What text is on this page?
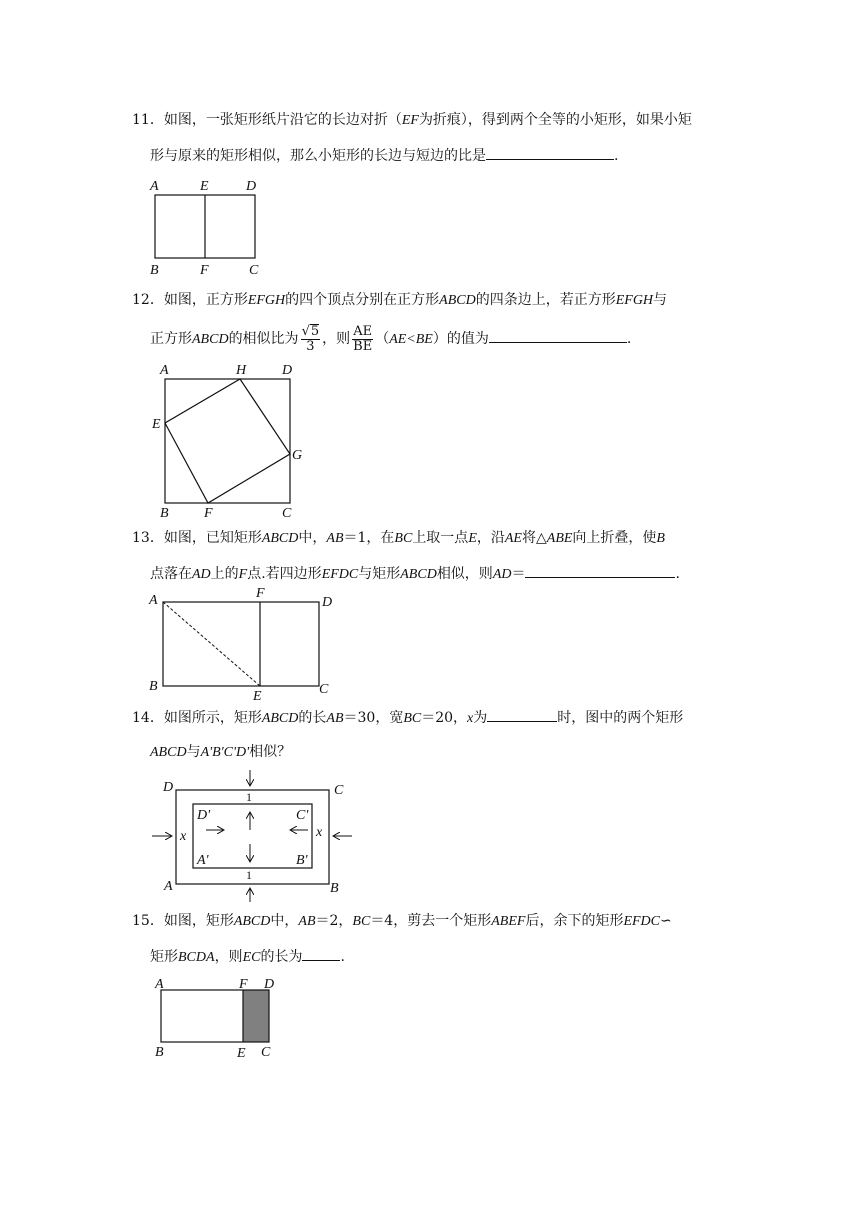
11．如图，一张矩形纸片沿它的长边对折（EF为折痕），得到两个全等的小矩形，如果小矩
形与原来的矩形相似，那么小矩形的长边与短边的比是	.
A	E	D
B	F	C
12．如图，正方形EFGH的四个顶点分别在正方形ABCD的四条边上，若正方形EFGH与
正方形ABCD的相似比为 $\frac{√5}{3}$ ，则 $\frac{AE}{BE} (AE<BE)$的值为	.
A	H	D
E
G
B	F	C
13．如图，已知矩形ABCD中，AB＝1，在BC上取一点E，沿AE将△ABE向上折叠，使B
点落在AD上的F点.若四边形EFDC与矩形ABCD相似，则AD＝	.
A	F
D
B
E	C
14．如图所示，矩形ABCD的长AB＝30，宽BC＝20，x为	时，图中的两个矩形
ABCD与A'B'C'D'相似？
D	C
A	B
D'	C'
A'	B'
1
1
x	x
15．如图，矩形ABCD中，AB＝2，BC＝4，剪去一个矩形ABEF后，余下的矩形EFDC∽
矩形BCDA，则EC的长为	.
A	F D
B	E C
